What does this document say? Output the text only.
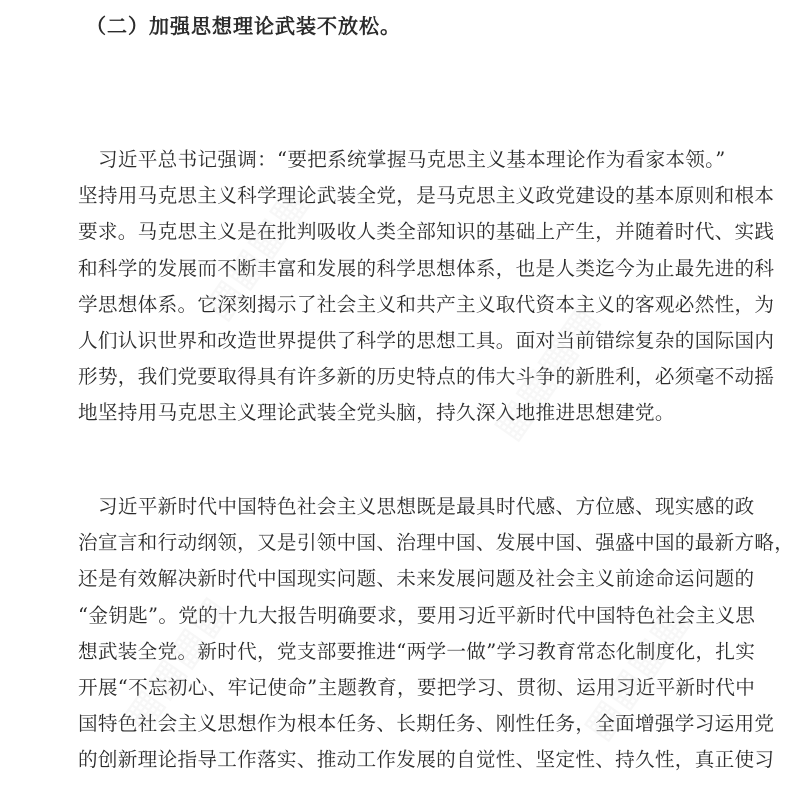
（二）加强思想理论武装不放松。
习近平总书记强调：“要把系统掌握马克思主义基本理论作为看家本领。”
坚持用马克思主义科学理论武装全党，是马克思主义政党建设的基本原则和根本
要求。马克思主义是在批判吸收人类全部知识的基础上产生，并随着时代、实践
和科学的发展而不断丰富和发展的科学思想体系，也是人类迄今为止最先进的科
学思想体系。它深刻揭示了社会主义和共产主义取代资本主义的客观必然性，为
人们认识世界和改造世界提供了科学的思想工具。面对当前错综复杂的国际国内
形势，我们党要取得具有许多新的历史特点的伟大斗争的新胜利，必须毫不动摇
地坚持用马克思主义理论武装全党头脑，持久深入地推进思想建党。
习近平新时代中国特色社会主义思想既是最具时代感、方位感、现实感的政
治宣言和行动纲领，又是引领中国、治理中国、发展中国、强盛中国的最新方略，
还是有效解决新时代中国现实问题、未来发展问题及社会主义前途命运问题的
“金钥匙”。党的十九大报告明确要求，要用习近平新时代中国特色社会主义思
想武装全党。新时代，党支部要推进“两学一做”学习教育常态化制度化，扎实
开展“不忘初心、牢记使命”主题教育，要把学习、贯彻、运用习近平新时代中
国特色社会主义思想作为根本任务、长期任务、刚性任务，全面增强学习运用党
的创新理论指导工作落实、推动工作发展的自觉性、坚定性、持久性，真正使习
▦▦▦▦
▦▦▦▦
▦▦▦▦	▦▦▦▦
